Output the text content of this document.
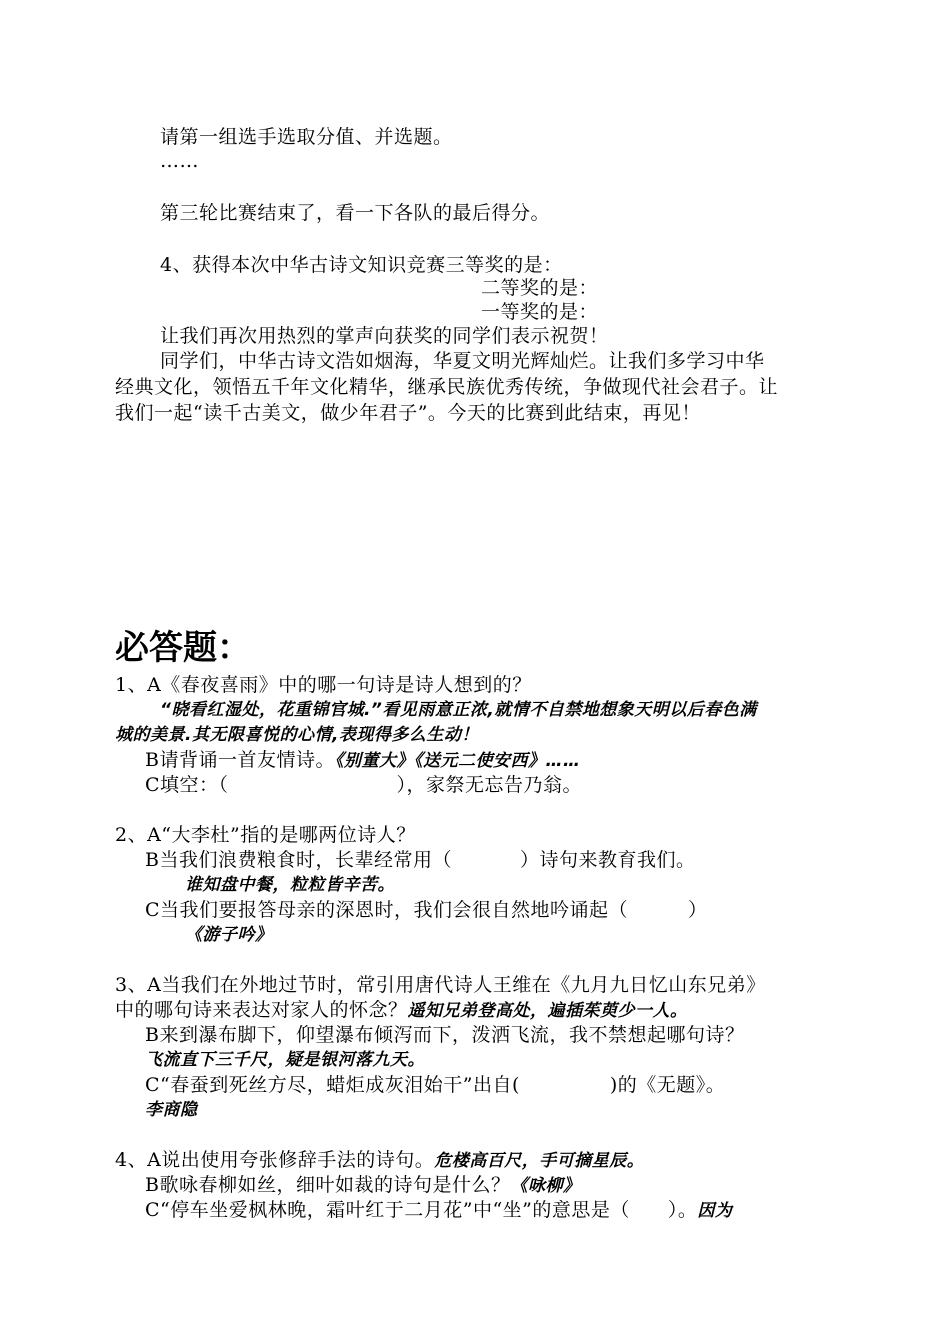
请第一组选手选取分值、并选题。
……
第三轮比赛结束了，看一下各队的最后得分。
4、获得本次中华古诗文知识竞赛三等奖的是：
二等奖的是：
一等奖的是：
让我们再次用热烈的掌声向获奖的同学们表示祝贺！
同学们，中华古诗文浩如烟海，华夏文明光辉灿烂。让我们多学习中华
经典文化，领悟五千年文化精华，继承民族优秀传统，争做现代社会君子。让
我们一起“读千古美文，做少年君子”。今天的比赛到此结束，再见！
必答题：
1、A《春夜喜雨》中的哪一句诗是诗人想到的？
“晓看红湿处，花重锦官城.”看见雨意正浓,就情不自禁地想象天明以后春色满
城的美景.其无限喜悦的心情,表现得多么生动！
B请背诵一首友情诗。《别董大》《送元二使安西》……
C填空：（	），家祭无忘告乃翁。
2、A“大李杜”指的是哪两位诗人？
B当我们浪费粮食时，长辈经常用（	）诗句来教育我们。
谁知盘中餐，粒粒皆辛苦。
C当我们要报答母亲的深恩时，我们会很自然地吟诵起（	）
《游子吟》
3、A当我们在外地过节时，常引用唐代诗人王维在《九月九日忆山东兄弟》
中的哪句诗来表达对家人的怀念？遥知兄弟登高处，遍插茱萸少一人。
B来到瀑布脚下，仰望瀑布倾泻而下，泼洒飞流，我不禁想起哪句诗？
飞流直下三千尺，疑是银河落九天。
C“春蚕到死丝方尽，蜡炬成灰泪始干”出自(	)的《无题》。
李商隐
4、A说出使用夸张修辞手法的诗句。危楼高百尺，手可摘星辰。
B歌咏春柳如丝，细叶如裁的诗句是什么？《咏柳》
C“停车坐爱枫林晚，霜叶红于二月花”中“坐”的意思是（ ）。因为
